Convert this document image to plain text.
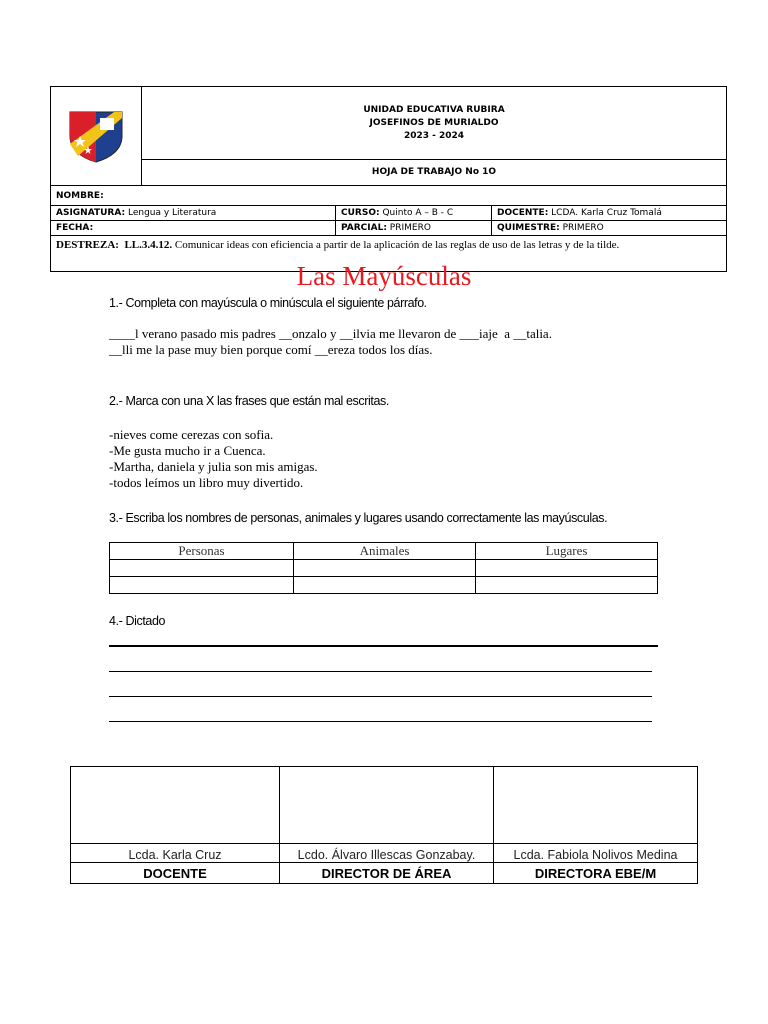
UNIDAD EDUCATIVA RUBIRA
JOSEFINOS DE MURIALDO
2023 - 2024		

	HOJA DE TRABAJO No 1O		
NOMBRE:			
ASIGNATURA: Lengua y Literatura		CURSO: Quinto A – B - C	DOCENTE: LCDA. Karla Cruz Tomalá
FECHA:		PARCIAL: PRIMERO	QUIMESTRE: PRIMERO
DESTREZA: LL.3.4.12. Comunicar ideas con eficiencia a partir de la aplicación de las reglas de uso de las letras y de la tilde.			
Las Mayúsculas
1.- Completa con mayúscula o minúscula el siguiente párrafo.
____l verano pasado mis padres __onzalo y __ilvia me llevaron de ___iaje  a __talia.
__lli me la pase muy bien porque comí __ereza todos los días.
2.- Marca con una X las frases que están mal escritas.
-nieves come cerezas con sofia.
-Me gusta mucho ir a Cuenca.
-Martha, daniela y julia son mis amigas.
-todos leímos un libro muy divertido.
3.- Escriba los nombres de personas, animales y lugares usando correctamente las mayúsculas.
Personas	Animales	Lugares

4.- Dictado

Lcda. Karla Cruz	Lcdo. Álvaro Illescas Gonzabay.	Lcda. Fabiola Nolivos Medina
DOCENTE	DIRECTOR DE ÁREA	DIRECTORA EBE/M
